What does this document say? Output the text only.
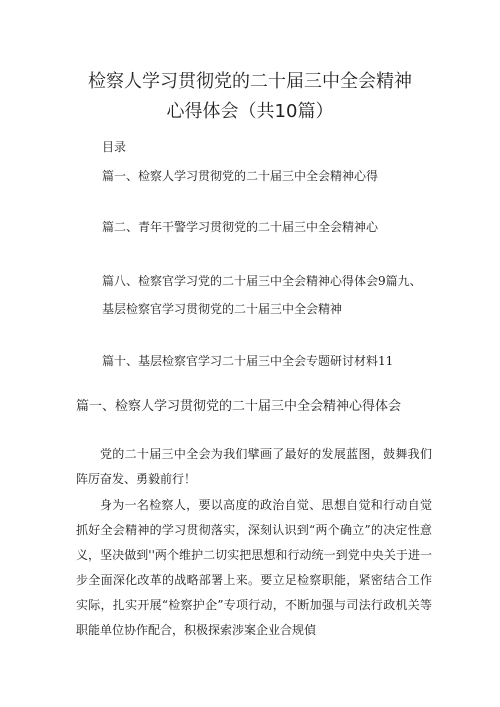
检察人学习贯彻党的二十届三中全会精神
心得体会（共10篇）
目录
篇一、检察人学习贯彻党的二十届三中全会精神心得
篇二、青年干警学习贯彻党的二十届三中全会精神心
篇八、检察官学习党的二十届三中全会精神心得体会9篇九、
基层检察官学习贯彻党的二十届三中全会精神
篇十、基层检察官学习二十届三中全会专题研讨材料11
篇一、检察人学习贯彻党的二十届三中全会精神心得体会

党的二十届三中全会为我们擘画了最好的发展蓝图，鼓舞我们阵厉奋发、勇毅前行！

身为一名检察人，要以高度的政治自觉、思想自觉和行动自觉抓好全会精神的学习贯彻落实，深刻认识到“两个确立”的决定性意义，坚决做到''两个维护二切实把思想和行动统一到党中央关于进一步全面深化改革的战略部署上来。要立足检察职能，紧密结合工作实际，扎实开展“检察护企”专项行动，不断加强与司法行政机关等职能单位协作配合，积极探索涉案企业合规偵
